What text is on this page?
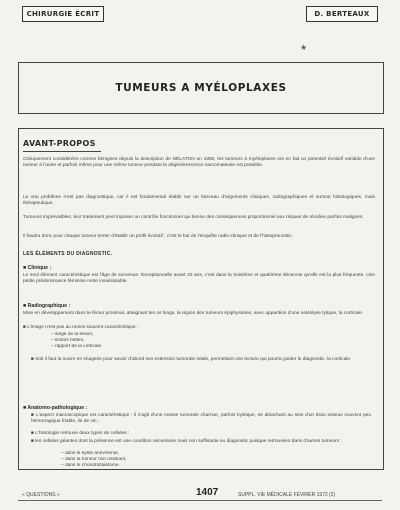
CHIRURGIE ÉCRIT
★
D. BERTEAUX
TUMEURS A MYÉLOPLAXES
AVANT-PROPOS
Cliniquement considérées comme bénignes depuis la description de NÉLATON en 1860, les tumeurs à myéloplaxes ont en fait un potentiel évolutif variable d'une tumeur à l'autre et parfois même pour une même tumeur pendant la dégénérescence sarcomateuse est possible.
Le vrai problème n'est pas diagnostique, car il est fondamental établir sur un faisceau d'arguments cliniques, radiographiques et surtout histologiques, mais thérapeutique.
Tumeurs imprévisibles, leur traitement peut imposer un contrôle fonctionnel qui tienne des conséquences proportionnel aux risques de récidive parfois malignes.
Il faudra donc pour chaque tumeur tenter d'établir un profil évolutif ; c'est le but de l'enquête radio-clinique et de l'histopronostic.
LES ÉLÉMENTS DU DIAGNOSTIC.
■ Clinique :
Le seul élément caractéristique est l'âge de survenue. Exceptionnelle avant 20 ans, c'est dans la troisième et quatrième décennie qu'elle est la plus fréquente. Une petite prédominance féminine reste insaisissable.
■ Radiographique :
Mise en développement dans le fémur proximal, atteignant les os longs, la région des tumeurs épiphysaires, avec apparition d'une ostéolyse lytique, la corticale.
■ L'image n'est pas au moins souvent caractéristique :
– siège de la lésion,
– limites nettes,
– rapport de la corticale.
■ Soit il faut la suivre en imagerie pour savoir d'abord son extension tumorale totale, permettant une lecture qui pourra guider le diagnostic, la corticale.
■ Anatomo-pathologique :
■ L'aspect macroscopique est caractéristique : il s'agit d'une masse tumorale charnue, parfois kystique, se détachant au sein d'un tissu osseux souvent peu hémorragique friable, lie de vin ;
■ L'histologie retrouve deux types de cellules :
■ les cellules géantes dont la présence est une condition nécessaire mais non suffisante au diagnostic puisque retrouvées dans d'autres tumeurs :
– dans le kyste anévrismal,
– dans la tumeur non ossifiant,
– dans le chondroblastome.
« QUESTIONS »	1407	SUPPL. VIE MÉDICALE FÉVRIER 1972 (2)
